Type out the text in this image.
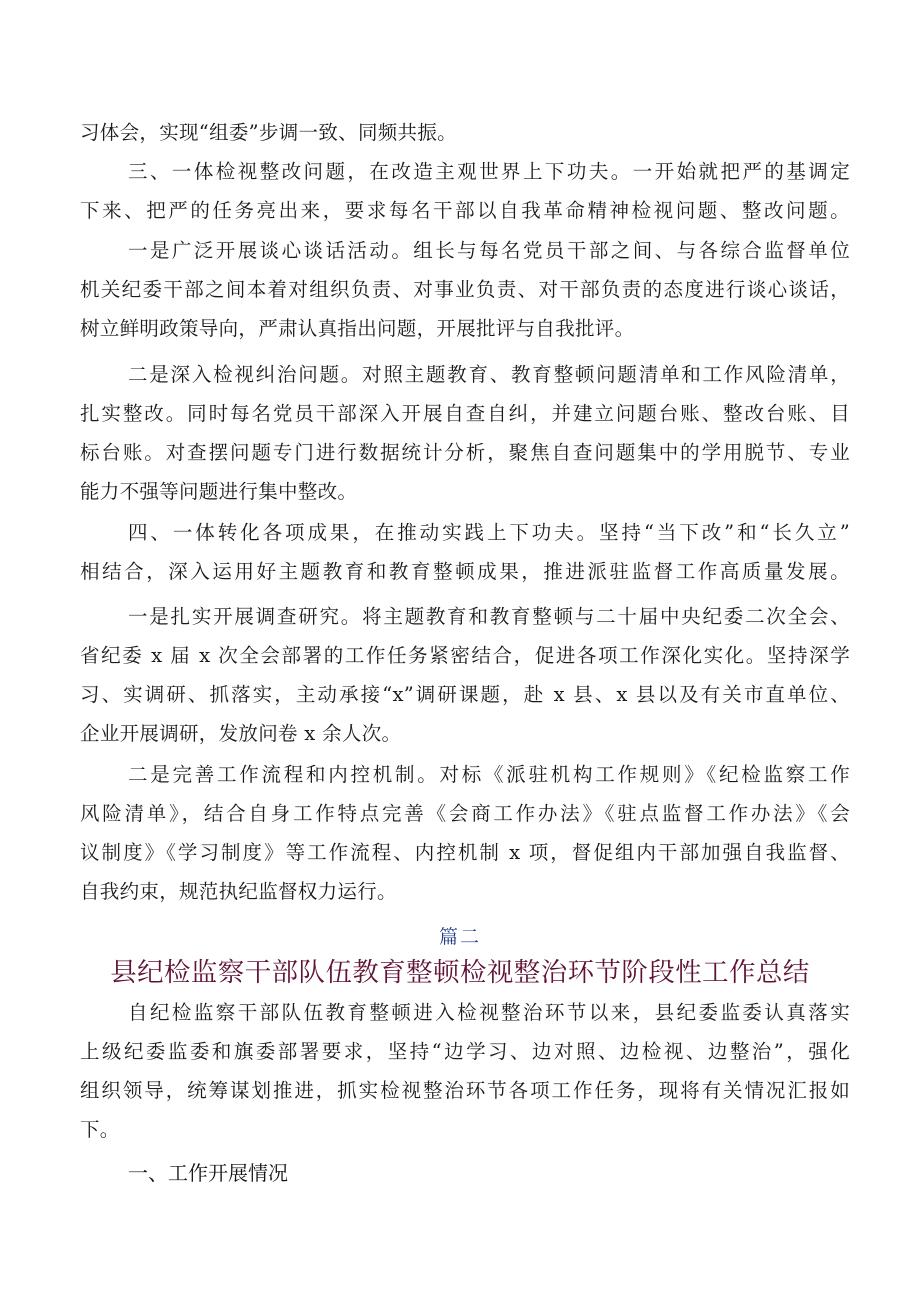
习体会，实现“组委”步调一致、同频共振。
三、一体检视整改问题，在改造主观世界上下功夫。一开始就把严的基调定
下来、把严的任务亮出来，要求每名干部以自我革命精神检视问题、整改问题。
一是广泛开展谈心谈话活动。组长与每名党员干部之间、与各综合监督单位
机关纪委干部之间本着对组织负责、对事业负责、对干部负责的态度进行谈心谈话，
树立鲜明政策导向，严肃认真指出问题，开展批评与自我批评。
二是深入检视纠治问题。对照主题教育、教育整顿问题清单和工作风险清单，
扎实整改。同时每名党员干部深入开展自查自纠，并建立问题台账、整改台账、目
标台账。对查摆问题专门进行数据统计分析，聚焦自查问题集中的学用脱节、专业
能力不强等问题进行集中整改。
四、一体转化各项成果，在推动实践上下功夫。坚持“当下改”和“长久立”
相结合，深入运用好主题教育和教育整顿成果，推进派驻监督工作高质量发展。
一是扎实开展调查研究。将主题教育和教育整顿与二十届中央纪委二次全会、
省纪委 x 届 x 次全会部署的工作任务紧密结合，促进各项工作深化实化。坚持深学
习、实调研、抓落实，主动承接“x”调研课题，赴 x 县、x 县以及有关市直单位、
企业开展调研，发放问卷 x 余人次。
二是完善工作流程和内控机制。对标《派驻机构工作规则》《纪检监察工作
风险清单》，结合自身工作特点完善《会商工作办法》《驻点监督工作办法》《会
议制度》《学习制度》等工作流程、内控机制 x 项，督促组内干部加强自我监督、
自我约束，规范执纪监督权力运行。
篇二
县纪检监察干部队伍教育整顿检视整治环节阶段性工作总结
自纪检监察干部队伍教育整顿进入检视整治环节以来，县纪委监委认真落实
上级纪委监委和旗委部署要求，坚持“边学习、边对照、边检视、边整治”，强化
组织领导，统筹谋划推进，抓实检视整治环节各项工作任务，现将有关情况汇报如
下。
一、工作开展情况
